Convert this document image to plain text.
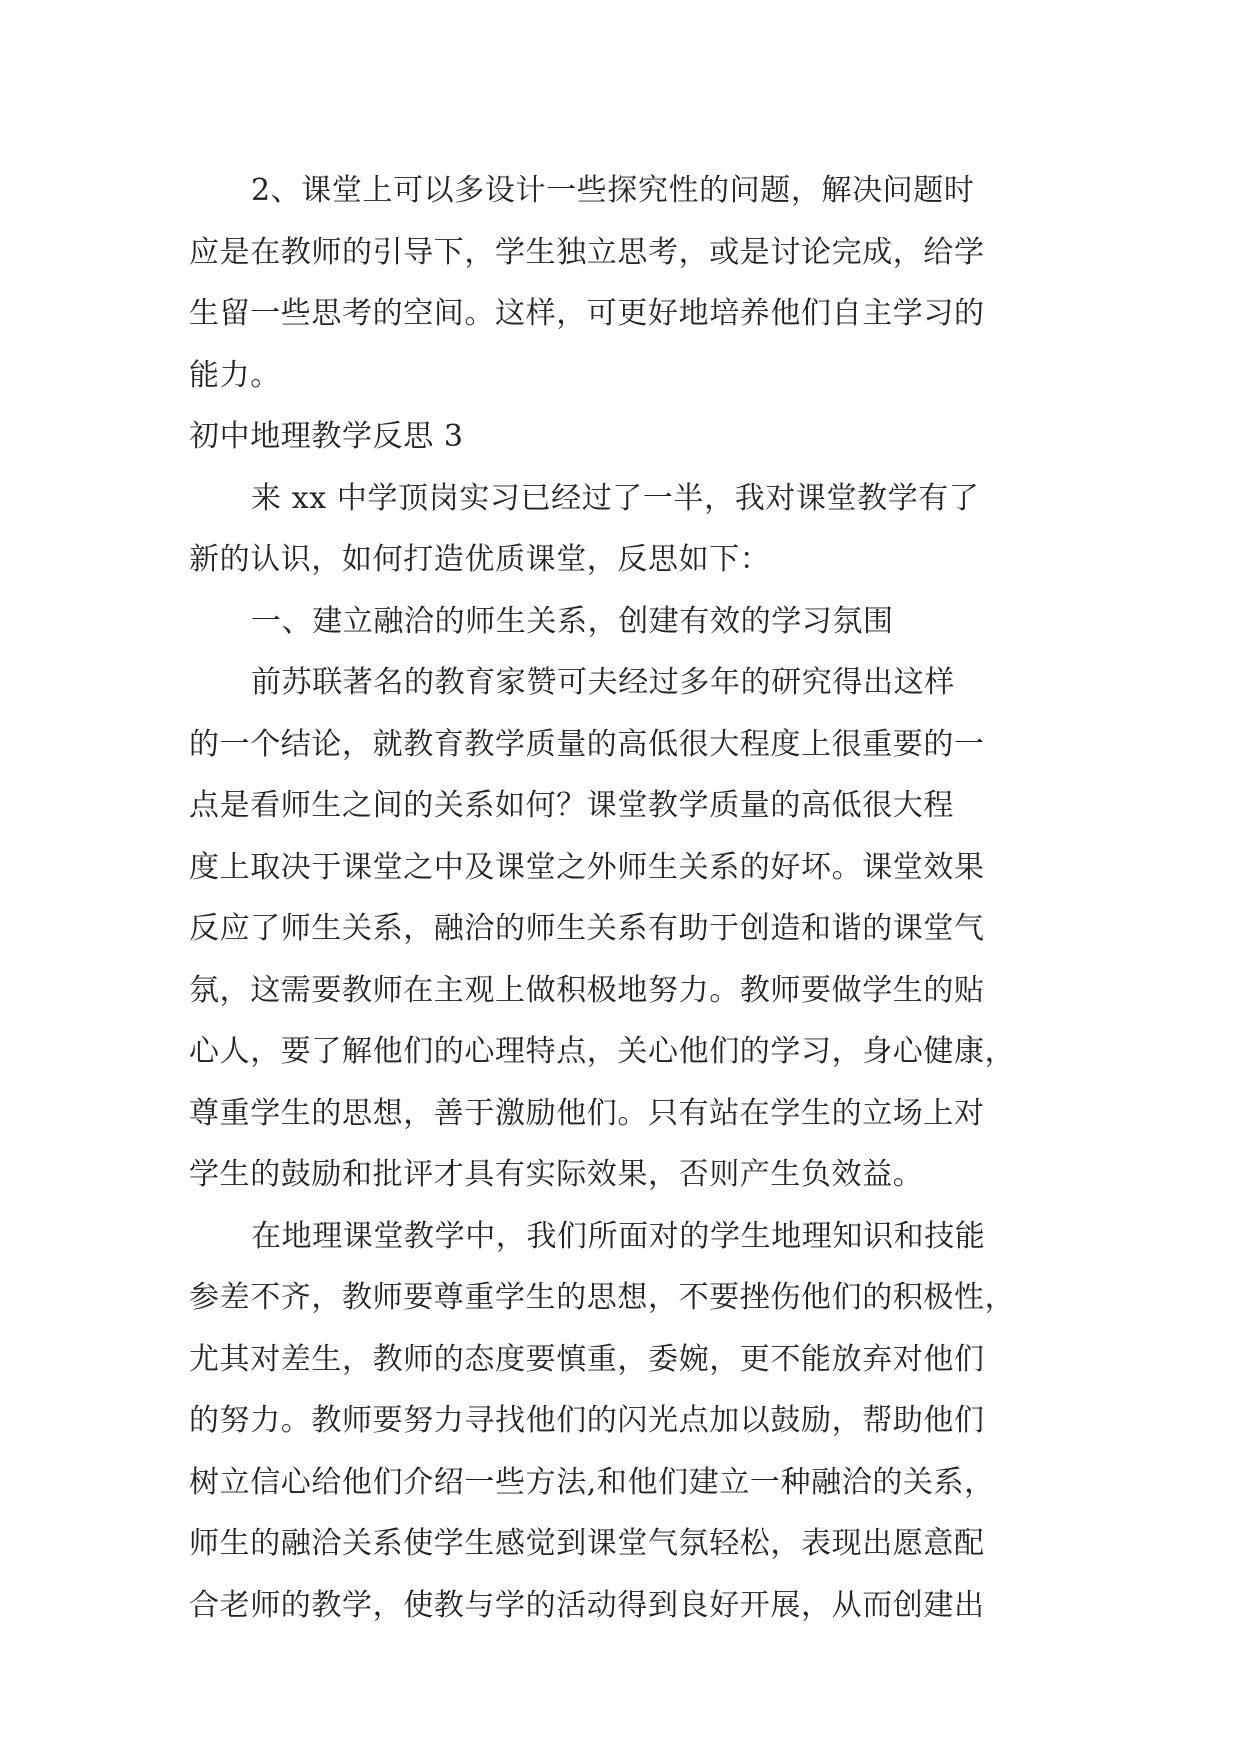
2、课堂上可以多设计一些探究性的问题，解决问题时
应是在教师的引导下，学生独立思考，或是讨论完成，给学
生留一些思考的空间。这样，可更好地培养他们自主学习的
能力。
初中地理教学反思 3
来 xx 中学顶岗实习已经过了一半，我对课堂教学有了
新的认识，如何打造优质课堂，反思如下：
一、建立融洽的师生关系，创建有效的学习氛围
前苏联著名的教育家赞可夫经过多年的研究得出这样
的一个结论，就教育教学质量的高低很大程度上很重要的一
点是看师生之间的关系如何？课堂教学质量的高低很大程
度上取决于课堂之中及课堂之外师生关系的好坏。课堂效果
反应了师生关系，融洽的师生关系有助于创造和谐的课堂气
氛，这需要教师在主观上做积极地努力。教师要做学生的贴
心人，要了解他们的心理特点，关心他们的学习，身心健康，
尊重学生的思想，善于激励他们。只有站在学生的立场上对
学生的鼓励和批评才具有实际效果，否则产生负效益。
在地理课堂教学中，我们所面对的学生地理知识和技能
参差不齐，教师要尊重学生的思想，不要挫伤他们的积极性，
尤其对差生，教师的态度要慎重，委婉，更不能放弃对他们
的努力。教师要努力寻找他们的闪光点加以鼓励，帮助他们
树立信心给他们介绍一些方法,和他们建立一种融洽的关系，
师生的融洽关系使学生感觉到课堂气氛轻松，表现出愿意配
合老师的教学，使教与学的活动得到良好开展，从而创建出
